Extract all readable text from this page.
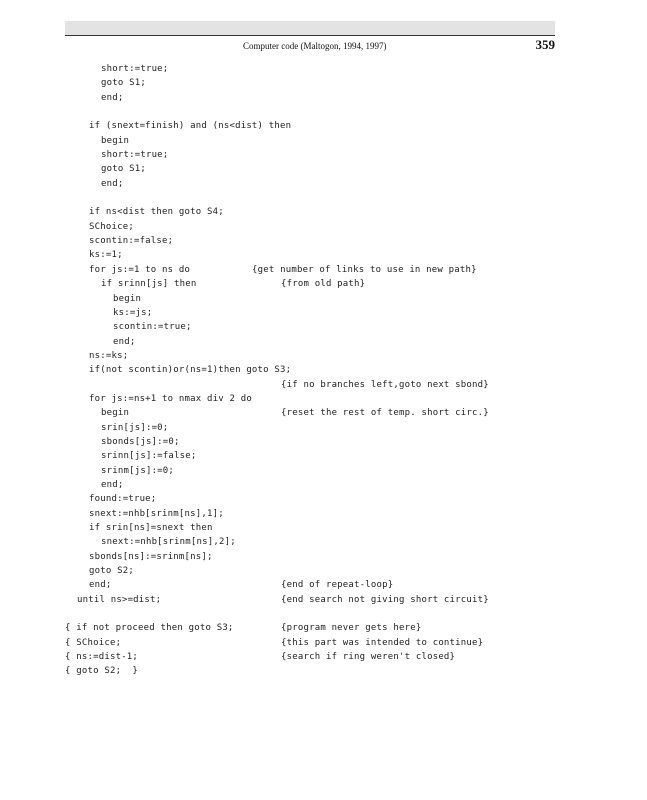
Computer code (Maltogon, 1994, 1997)	359
short:=true;
goto S1;
end;
if (snext=finish) and (ns<dist) then
begin
short:=true;
goto S1;
end;
if ns<dist then goto S4;
SChoice;
scontin:=false;
ks:=1;
for js:=1 to ns do	{get number of links to use in new path}
if srinn[js] then	{from old path}
begin
ks:=js;
scontin:=true;
end;
ns:=ks;
if(not scontin)or(ns=1)then goto S3;
{if no branches left,goto next sbond}
for js:=ns+1 to nmax div 2 do
begin	{reset the rest of temp. short circ.}
srin[js]:=0;
sbonds[js]:=0;
srinn[js]:=false;
srinm[js]:=0;
end;
found:=true;
snext:=nhb[srinm[ns],1];
if srin[ns]=snext then
snext:=nhb[srinm[ns],2];
sbonds[ns]:=srinm[ns];
goto S2;
end;	{end of repeat-loop}
until ns>=dist;	{end search not giving short circuit}
{ if not proceed then goto S3;	{program never gets here}
{ SChoice;	{this part was intended to continue}
{ ns:=dist-1;	{search if ring weren't closed}
{ goto S2;  }
